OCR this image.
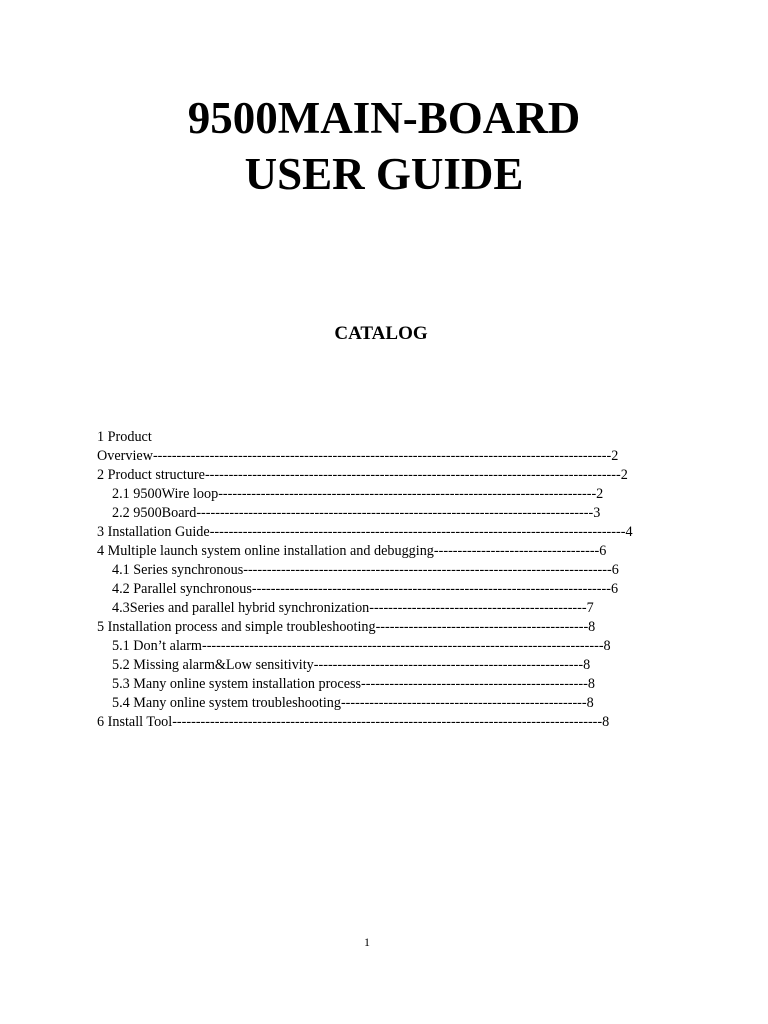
9500MAIN-BOARD
USER GUIDE
CATALOG
1 Product
Overview-------------------------------------------------------------------------------------------------2
2 Product structure----------------------------------------------------------------------------------------2
2.1 9500Wire loop--------------------------------------------------------------------------------2
2.2 9500Board------------------------------------------------------------------------------------3
3 Installation Guide----------------------------------------------------------------------------------------4
4 Multiple launch system online installation and debugging-----------------------------------6
4.1 Series synchronous------------------------------------------------------------------------------6
4.2 Parallel synchronous----------------------------------------------------------------------------6
4.3Series and parallel hybrid synchronization----------------------------------------------7
5 Installation process and simple troubleshooting---------------------------------------------8
5.1 Don’t alarm-------------------------------------------------------------------------------------8
5.2 Missing alarm&Low sensitivity---------------------------------------------------------8
5.3 Many online system installation process------------------------------------------------8
5.4 Many online system troubleshooting----------------------------------------------------8
6 Install Tool-------------------------------------------------------------------------------------------8
1
